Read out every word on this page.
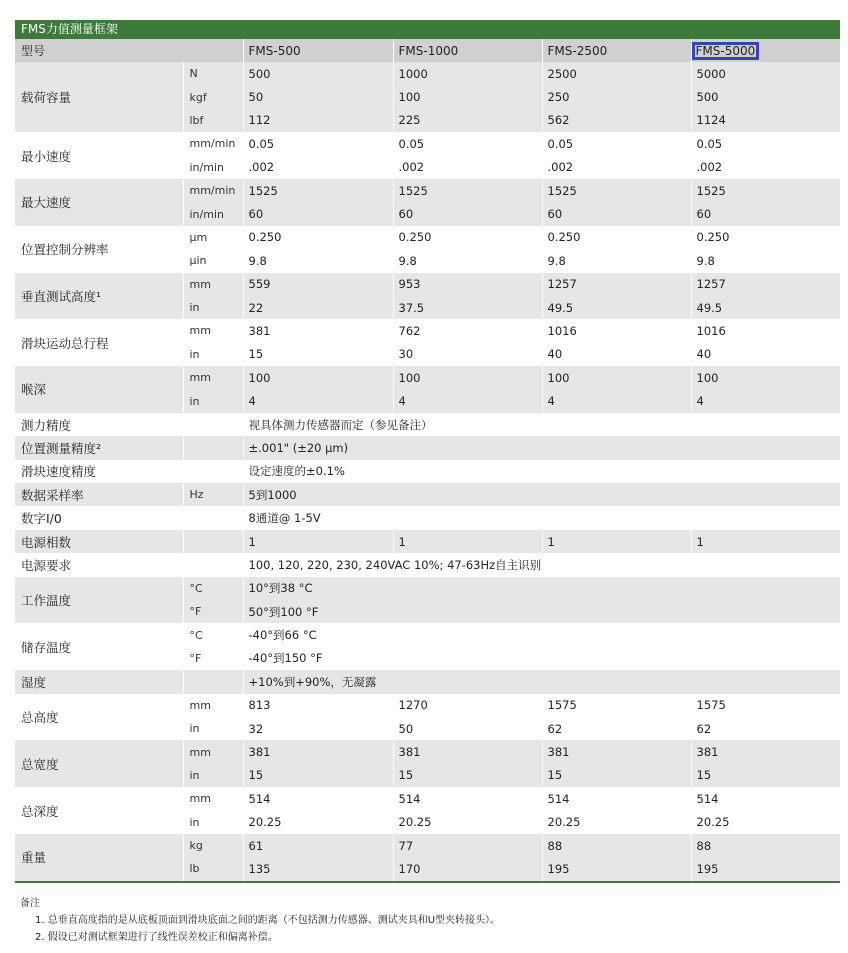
FMS力值测量框架
型号		FMS-500	FMS-1000	FMS-2500	FMS-5000
载荷容量	N	500	1000	2500	5000
	kgf	50	100	250	500
	lbf	112	225	562	1124
最小速度	mm/min	0.05	0.05	0.05	0.05
	in/min	.002	.002	.002	.002
最大速度	mm/min	1525	1525	1525	1525
	in/min	60	60	60	60
位置控制分辨率	μm	0.250	0.250	0.250	0.250
	μin	9.8	9.8	9.8	9.8
垂直测试高度¹	mm	559	953	1257	1257
	in	22	37.5	49.5	49.5
滑块运动总行程	mm	381	762	1016	1016
	in	15	30	40	40
喉深	mm	100	100	100	100
	in	4	4	4	4
测力精度		视具体测力传感器而定（参见备注）			
位置测量精度²		±.001" (±20 μm)			
滑块速度精度		设定速度的±0.1%			
数据采样率	Hz	5到1000			
数字I/0		8通道@ 1-5V			
电源相数		1	1	1	1
电源要求		100, 120, 220, 230, 240VAC 10%; 47-63Hz自主识别			
工作温度	°C	10°到38 °C			
	°F	50°到100 °F			
储存温度	°C	-40°到66 °C			
	°F	-40°到150 °F			
湿度		+10%到+90%，无凝露			
总高度	mm	813	1270	1575	1575
	in	32	50	62	62
总宽度	mm	381	381	381	381
	in	15	15	15	15
总深度	mm	514	514	514	514
	in	20.25	20.25	20.25	20.25
重量	kg	61	77	88	88
	lb	135	170	195	195
备注
1. 总垂直高度指的是从底板顶面到滑块底面之间的距离（不包括测力传感器、测试夹具和U型夹转接头）。
2. 假设已对测试框架进行了线性误差校正和偏离补偿。
